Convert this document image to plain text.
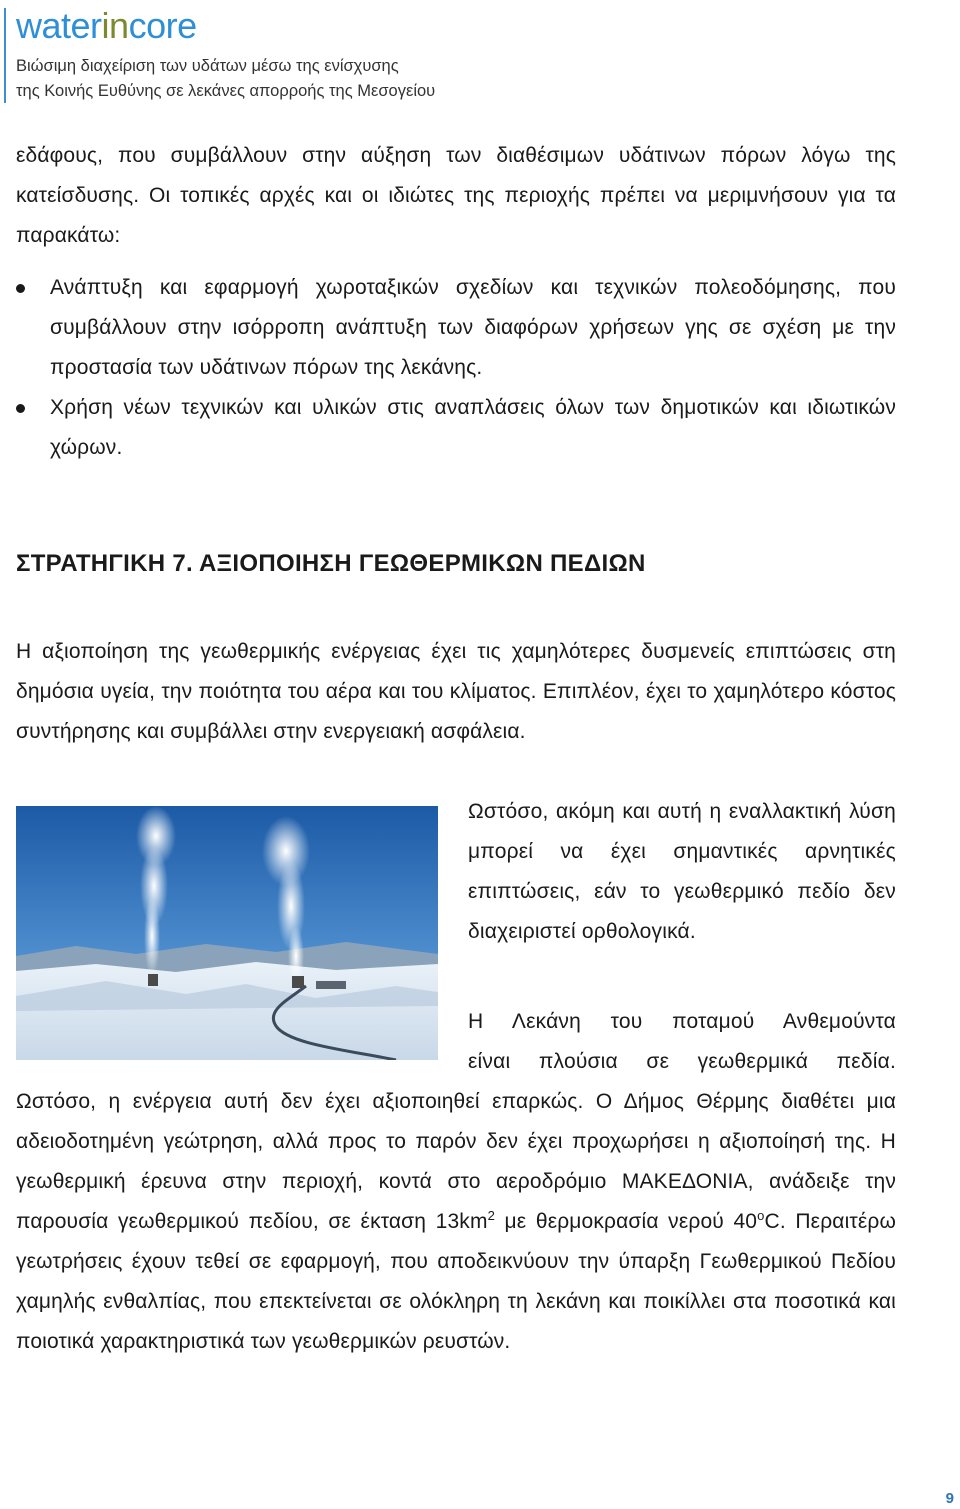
waterincore
Βιώσιμη διαχείριση των υδάτων μέσω της ενίσχυσης
της Κοινής Ευθύνης σε λεκάνες απορροής της Μεσογείου
εδάφους, που συμβάλλουν στην αύξηση των διαθέσιμων υδάτινων πόρων λόγω της κατείσδυσης. Οι τοπικές αρχές και οι ιδιώτες της περιοχής πρέπει να μεριμνήσουν για τα παρακάτω:
Ανάπτυξη και εφαρμογή χωροταξικών σχεδίων και τεχνικών πολεοδόμησης, που συμβάλλουν στην ισόρροπη ανάπτυξη των διαφόρων χρήσεων γης σε σχέση με την προστασία των υδάτινων πόρων της λεκάνης.
Χρήση νέων τεχνικών και υλικών στις αναπλάσεις όλων των δημοτικών και ιδιωτικών χώρων.
ΣΤΡΑΤΗΓΙΚΗ 7. ΑΞΙΟΠΟΙΗΣΗ ΓΕΩΘΕΡΜΙΚΩΝ ΠΕΔΙΩΝ
Η αξιοποίηση της γεωθερμικής ενέργειας έχει τις χαμηλότερες δυσμενείς επιπτώσεις στη δημόσια υγεία, την ποιότητα του αέρα και του κλίματος. Επιπλέον, έχει το χαμηλότερο κόστος συντήρησης και συμβάλλει στην ενεργειακή ασφάλεια.
Ωστόσο, ακόμη και αυτή η εναλλακτική λύση μπορεί να έχει σημαντικές αρνητικές επιπτώσεις, εάν το γεωθερμικό πεδίο δεν διαχειριστεί ορθολογικά.
Η Λεκάνη του ποταμού Ανθεμούντα
είναι πλούσια σε γεωθερμικά πεδία.
Ωστόσο, η ενέργεια αυτή δεν έχει αξιοποιηθεί επαρκώς. Ο Δήμος Θέρμης διαθέτει μια αδειοδοτημένη γεώτρηση, αλλά προς το παρόν δεν έχει προχωρήσει η αξιοποίησή της. Η γεωθερμική έρευνα στην περιοχή, κοντά στο αεροδρόμιο ΜΑΚΕΔΟΝΙΑ, ανάδειξε την παρουσία γεωθερμικού πεδίου, σε έκταση $13km^2$ με θερμοκρασία νερού 40$^o$C. Περαιτέρω γεωτρήσεις έχουν τεθεί σε εφαρμογή, που αποδεικνύουν την ύπαρξη Γεωθερμικού Πεδίου χαμηλής ενθαλπίας, που επεκτείνεται σε ολόκληρη τη λεκάνη και ποικίλλει στα ποσοτικά και ποιοτικά χαρακτηριστικά των γεωθερμικών ρευστών.
9
